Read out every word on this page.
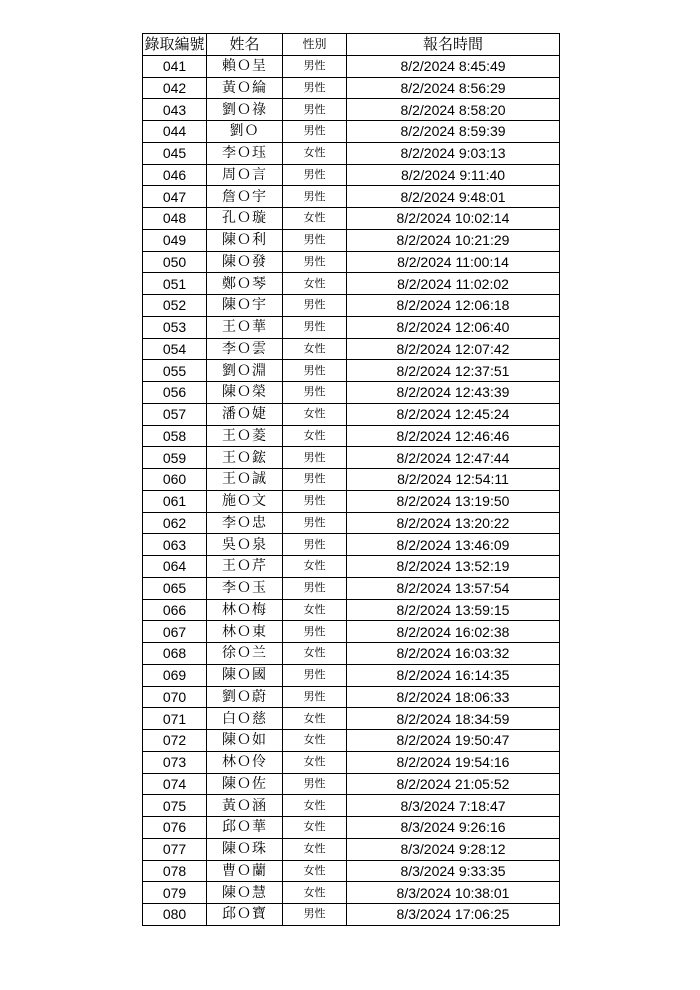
錄取編號	姓名	性別	報名時間
041	賴Ｏ呈	男性	8/2/2024 8:45:49
042	黃Ｏ綸	男性	8/2/2024 8:56:29
043	劉Ｏ祿	男性	8/2/2024 8:58:20
044	劉Ｏ	男性	8/2/2024 8:59:39
045	李Ｏ珏	女性	8/2/2024 9:03:13
046	周Ｏ言	男性	8/2/2024 9:11:40
047	詹Ｏ宇	男性	8/2/2024 9:48:01
048	孔Ｏ璇	女性	8/2/2024 10:02:14
049	陳Ｏ利	男性	8/2/2024 10:21:29
050	陳Ｏ發	男性	8/2/2024 11:00:14
051	鄭Ｏ琴	女性	8/2/2024 11:02:02
052	陳Ｏ宇	男性	8/2/2024 12:06:18
053	王Ｏ華	男性	8/2/2024 12:06:40
054	李Ｏ雲	女性	8/2/2024 12:07:42
055	劉Ｏ淵	男性	8/2/2024 12:37:51
056	陳Ｏ榮	男性	8/2/2024 12:43:39
057	潘Ｏ婕	女性	8/2/2024 12:45:24
058	王Ｏ菱	女性	8/2/2024 12:46:46
059	王Ｏ鋐	男性	8/2/2024 12:47:44
060	王Ｏ誠	男性	8/2/2024 12:54:11
061	施Ｏ文	男性	8/2/2024 13:19:50
062	李Ｏ忠	男性	8/2/2024 13:20:22
063	吳Ｏ泉	男性	8/2/2024 13:46:09
064	王Ｏ芹	女性	8/2/2024 13:52:19
065	李Ｏ玉	男性	8/2/2024 13:57:54
066	林Ｏ梅	女性	8/2/2024 13:59:15
067	林Ｏ東	男性	8/2/2024 16:02:38
068	徐Ｏ兰	女性	8/2/2024 16:03:32
069	陳Ｏ國	男性	8/2/2024 16:14:35
070	劉Ｏ蔚	男性	8/2/2024 18:06:33
071	白Ｏ慈	女性	8/2/2024 18:34:59
072	陳Ｏ如	女性	8/2/2024 19:50:47
073	林Ｏ伶	女性	8/2/2024 19:54:16
074	陳Ｏ佐	男性	8/2/2024 21:05:52
075	黃Ｏ涵	女性	8/3/2024 7:18:47
076	邱Ｏ華	女性	8/3/2024 9:26:16
077	陳Ｏ珠	女性	8/3/2024 9:28:12
078	曹Ｏ蘭	女性	8/3/2024 9:33:35
079	陳Ｏ慧	女性	8/3/2024 10:38:01
080	邱Ｏ寶	男性	8/3/2024 17:06:25
